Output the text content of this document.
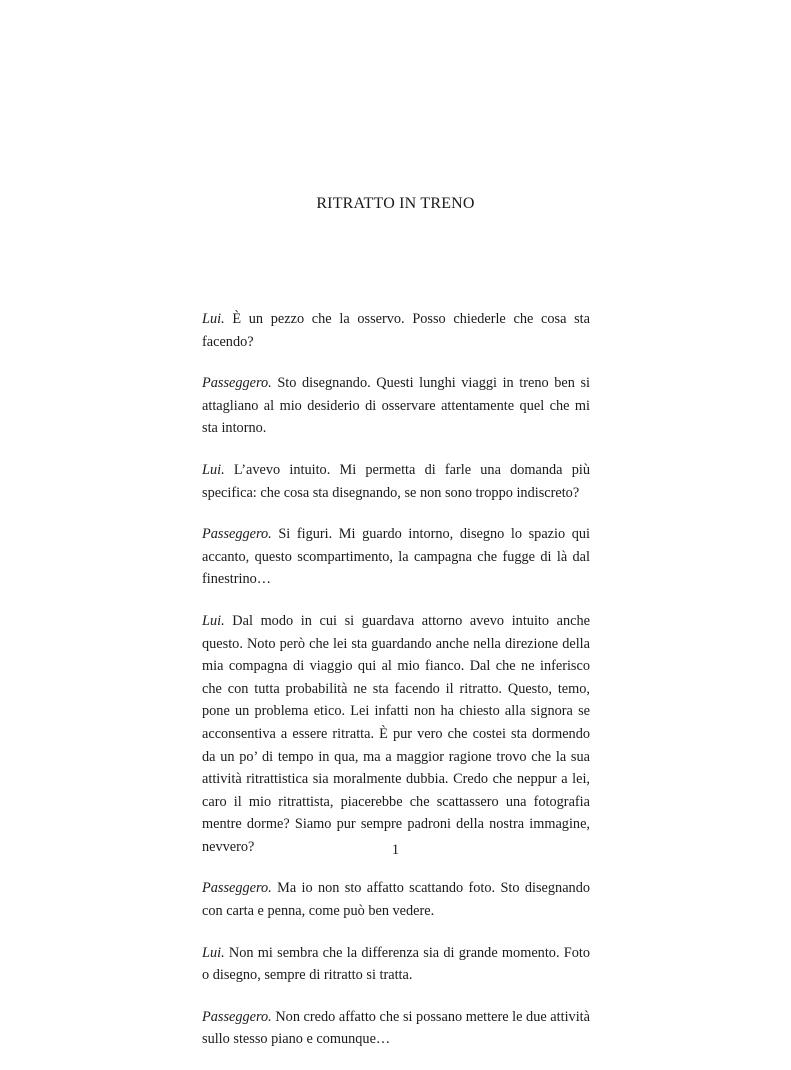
RITRATTO IN TRENO

Lui. È un pezzo che la osservo. Posso chiederle che cosa sta facendo?

Passeggero. Sto disegnando. Questi lunghi viaggi in treno ben si attagliano al mio desiderio di osservare attentamente quel che mi sta intorno.

Lui. L’avevo intuito. Mi permetta di farle una domanda più specifica: che cosa sta disegnando, se non sono troppo indiscreto?

Passeggero. Si figuri. Mi guardo intorno, disegno lo spazio qui accanto, questo scompartimento, la campagna che fugge di là dal finestrino…

Lui. Dal modo in cui si guardava attorno avevo intuito anche questo. Noto però che lei sta guardando anche nella direzione della mia compagna di viaggio qui al mio fianco. Dal che ne inferisco che con tutta probabilità ne sta facendo il ritratto. Questo, temo, pone un problema etico. Lei infatti non ha chiesto alla signora se acconsentiva a essere ritratta. È pur vero che costei sta dormendo da un po’ di tempo in qua, ma a maggior ragione trovo che la sua attività ritrattistica sia moralmente dubbia. Credo che neppur a lei, caro il mio ritrattista, piacerebbe che scattassero una fotografia mentre dorme? Siamo pur sempre padroni della nostra immagine, nevvero?

Passeggero. Ma io non sto affatto scattando foto. Sto disegnando con carta e penna, come può ben vedere.

Lui. Non mi sembra che la differenza sia di grande momento. Foto o disegno, sempre di ritratto si tratta.

Passeggero. Non credo affatto che si possano mettere le due attività sullo stesso piano e comunque…

1
